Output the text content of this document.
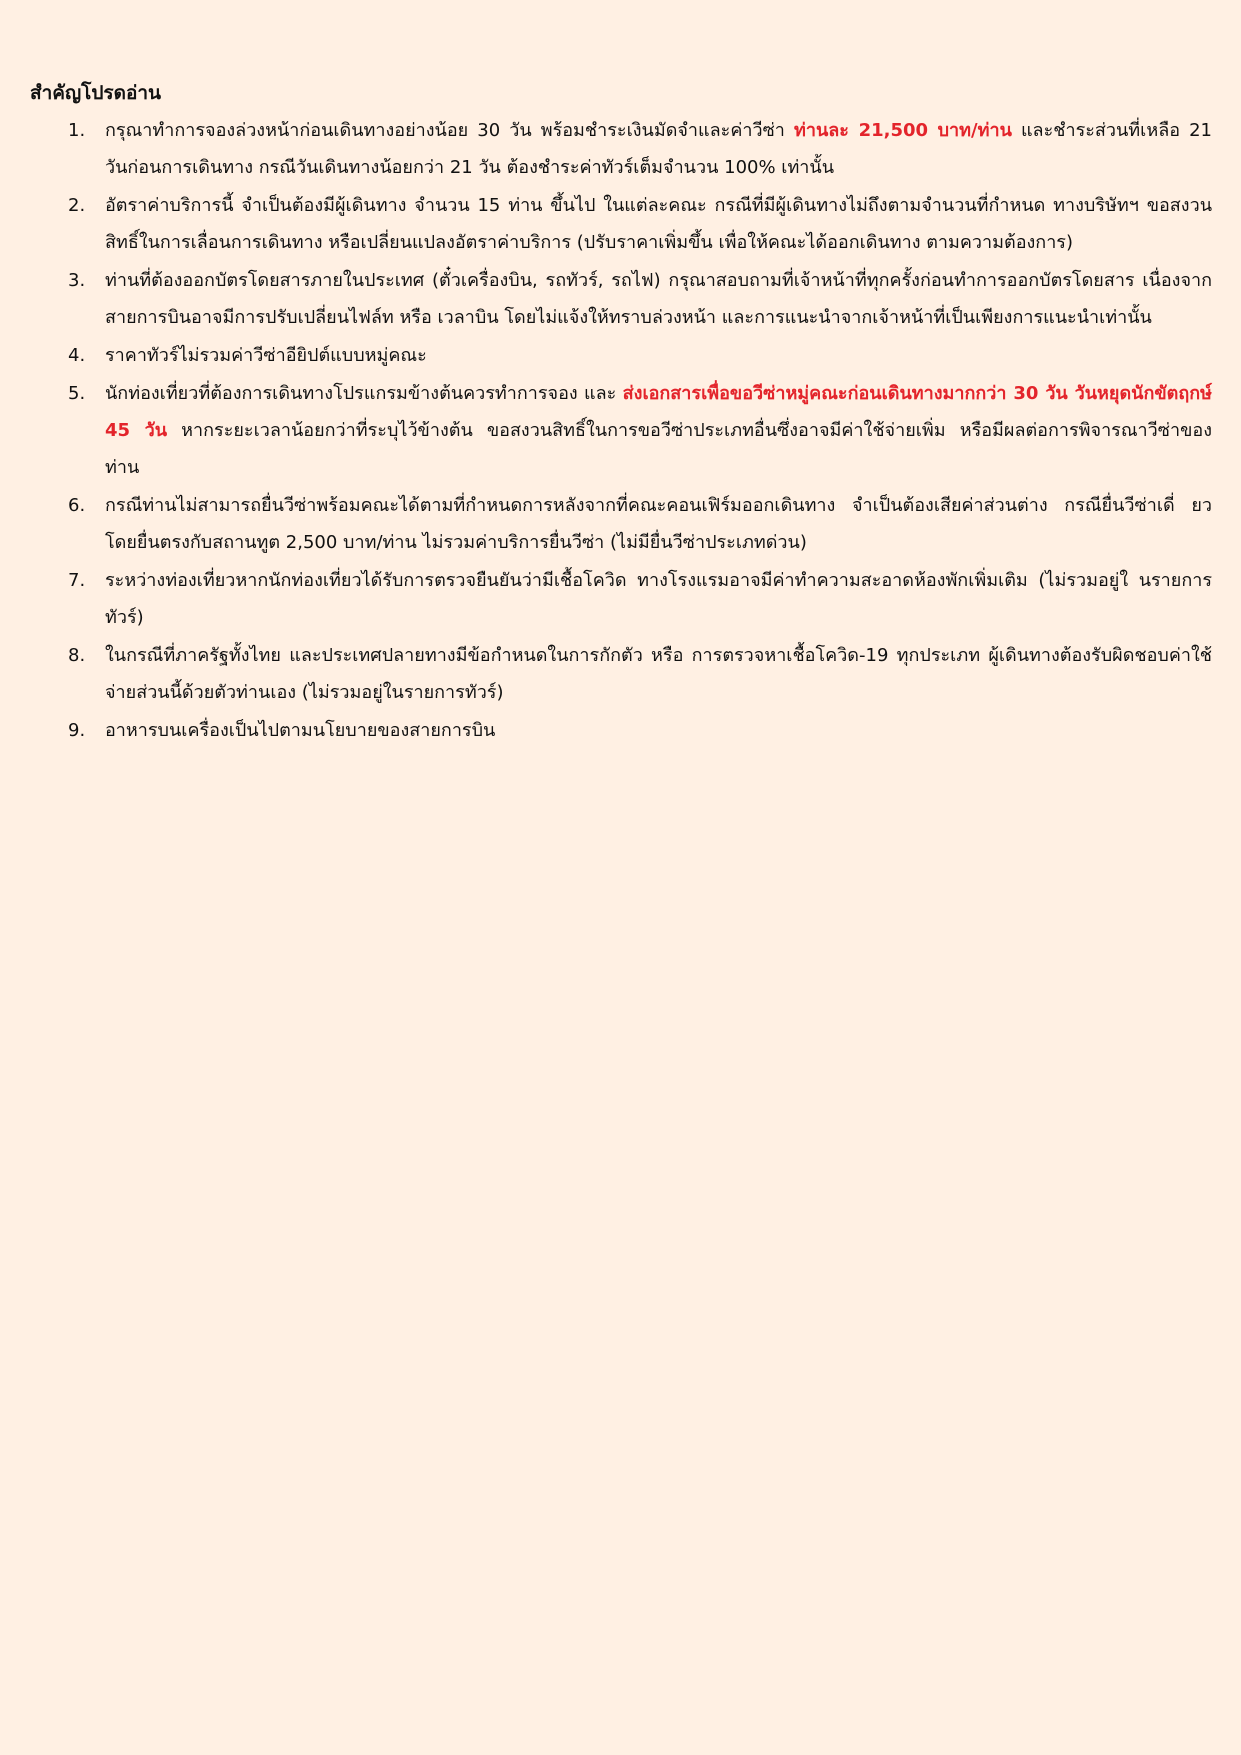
สำคัญโปรดอ่าน
1.	กรุณาทำการจองล่วงหน้าก่อนเดินทางอย่างน้อย 30 วัน พร้อมชำระเงินมัดจำและค่าวีซ่า ท่านละ 21,500 บาท/ท่าน และชำระส่วนที่เหลือ 21 วันก่อนการเดินทาง กรณีวันเดินทางน้อยกว่า 21 วัน ต้องชำระค่าทัวร์เต็มจำนวน 100% เท่านั้น
2.	อัตราค่าบริการนี้ จำเป็นต้องมีผู้เดินทาง จำนวน 15 ท่าน ขึ้นไป ในแต่ละคณะ กรณีที่มีผู้เดินทางไม่ถึงตามจำนวนที่กำหนด ทางบริษัทฯ ขอสงวนสิทธิ์ในการเลื่อนการเดินทาง หรือเปลี่ยนแปลงอัตราค่าบริการ (ปรับราคาเพิ่มขึ้น เพื่อให้คณะได้ออกเดินทาง ตามความต้องการ)
3.	ท่านที่ต้องออกบัตรโดยสารภายในประเทศ (ตั๋วเครื่องบิน, รถทัวร์, รถไฟ) กรุณาสอบถามที่เจ้าหน้าที่ทุกครั้งก่อนทำการออกบัตรโดยสาร เนื่องจากสายการบินอาจมีการปรับเปลี่ยนไฟล์ท หรือ เวลาบิน โดยไม่แจ้งให้ทราบล่วงหน้า และการแนะนำจากเจ้าหน้าที่เป็นเพียงการแนะนำเท่านั้น
4.	ราคาทัวร์ไม่รวมค่าวีซ่าอียิปต์แบบหมู่คณะ
5.	นักท่องเที่ยวที่ต้องการเดินทางโปรแกรมข้างต้นควรทำการจอง และ ส่งเอกสารเพื่อขอวีซ่าหมู่คณะก่อนเดินทางมากกว่า 30 วัน วันหยุดนักขัตฤกษ์ 45 วัน หากระยะเวลาน้อยกว่าที่ระบุไว้ข้างต้น ขอสงวนสิทธิ์ในการขอวีซ่าประเภทอื่นซึ่งอาจมีค่าใช้จ่ายเพิ่ม หรือมีผลต่อการพิจารณาวีซ่าของท่าน
6.	กรณีท่านไม่สามารถยื่นวีซ่าพร้อมคณะได้ตามที่กำหนดการหลังจากที่คณะคอนเฟิร์มออกเดินทาง จำเป็นต้องเสียค่าส่วนต่าง กรณียื่นวีซ่าเดี่ ยว โดยยื่นตรงกับสถานทูต 2,500 บาท/ท่าน ไม่รวมค่าบริการยื่นวีซ่า (ไม่มียื่นวีซ่าประเภทด่วน)
7.	ระหว่างท่องเที่ยวหากนักท่องเที่ยวได้รับการตรวจยืนยันว่ามีเชื้อโควิด ทางโรงแรมอาจมีค่าทำความสะอาดห้องพักเพิ่มเติม (ไม่รวมอยู่ใ นรายการทัวร์)
8.	ในกรณีที่ภาครัฐทั้งไทย และประเทศปลายทางมีข้อกำหนดในการกักตัว หรือ การตรวจหาเชื้อโควิด-19 ทุกประเภท ผู้เดินทางต้องรับผิดชอบค่าใช้จ่ายส่วนนี้ด้วยตัวท่านเอง (ไม่รวมอยู่ในรายการทัวร์)
9.	อาหารบนเครื่องเป็นไปตามนโยบายของสายการบิน
